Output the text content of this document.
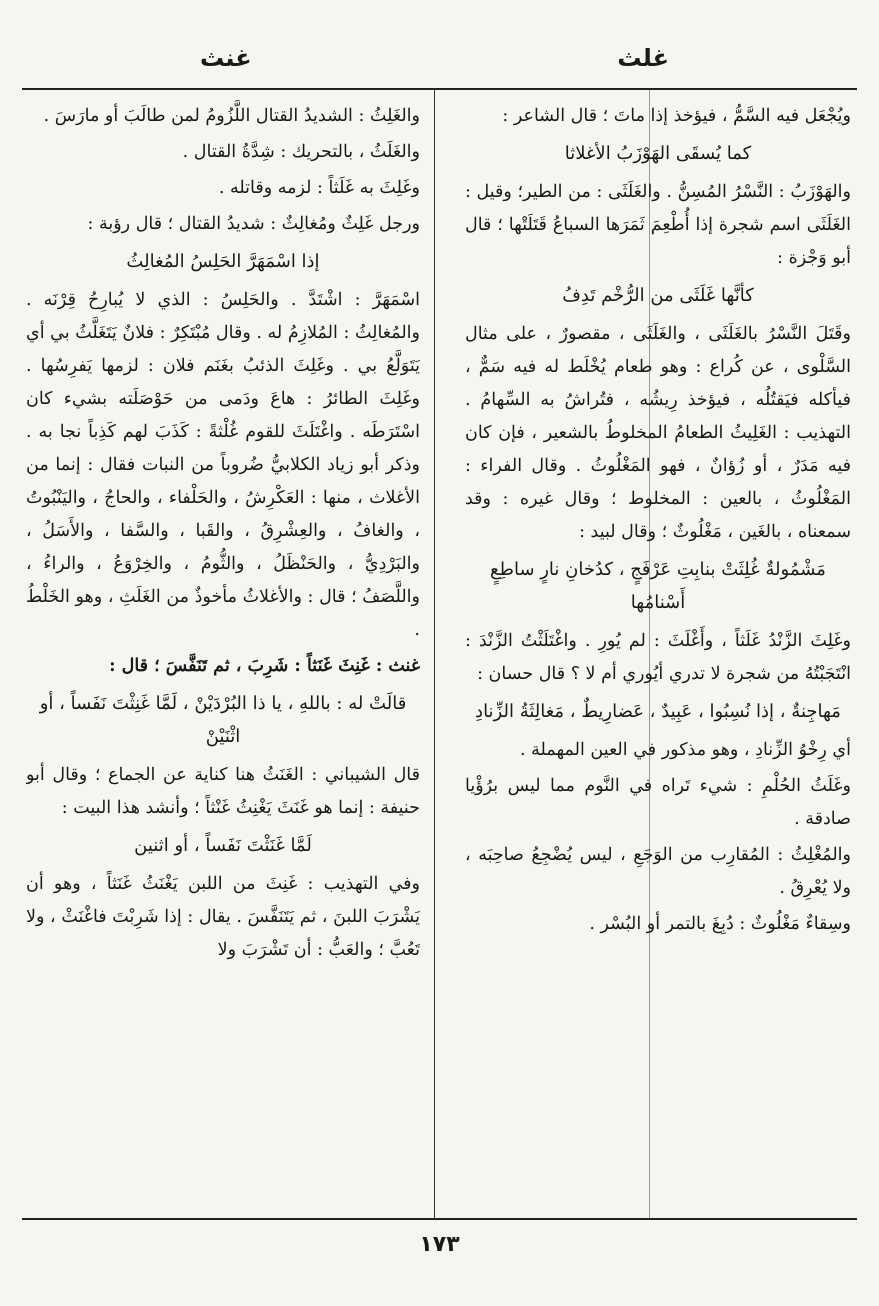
غلث
غنث

ويُجْعَل فيه السَّمُّ ، فيؤخذ إذا ماتَ ؛ قال الشاعر :

كما يُسقَى الهَوْزَبُ الأغلاثا

والهَوْزَبُ : النَّسْرُ المُسِنُّ . والغَلَثَى : من الطير؛ وقيل : الغَلَثَى اسم شجرة إذا أُطْعِمَ ثَمَرَها السباعُ قَتَلَتْها ؛ قال أبو وَجْزة :

كأنَّها غَلَثَى من الرُّخْم تَدِفُ

وقَتَلَ النَّسْرُ بالغَلَثَى ، والغَلَثَى ، مقصورٌ ، على مثال السَّلْوى ، عن كُراع : وهو طعام يُخْلَط له فيه سَمٌّ ، فيأكله فيَقتُلُه ، فيؤخذ رِيشُه ، فتُراشُ به السِّهامُ . التهذيب : الغَلِيثُ الطعامُ المخلوطُ بالشعير ، فإن كان فيه مَدَرٌ ، أو زُؤانٌ ، فهو المَغْلُوثُ . وقال الفراء : المَغْلُوثُ ، بالعين : المخلوط ؛ وقال غيره : وقد سمعناه ، بالغَين ، مَغْلُوثٌ ؛ وقال لبيد :

مَشْمُولةٌ غُلِثَتْ بنابِتِ عَرْفَجٍ ، كدُخانِ نارٍ ساطِعٍ أَسْنامُها

وغَلِثَ الزَّنْدُ غَلَثاً ، وأَغْلَثَ : لم يُورِ . واغْتَلَثْتُ الزَّنْدَ : انْتَجَبْتُهُ من شجرة لا تدري أيُوري أم لا ؟ قال حسان :

مَهاجِنةٌ ، إذا نُسِبُوا ، عَبِيدٌ ، عَضارِيطٌ ، مَغالِثَةُ الزِّنادِ

أي رِخْوُ الزِّنادِ ، وهو مذكور في العين المهملة .

وغَلَثُ الحُلْمِ : شيء تَراه في النَّوم مما ليس برُؤْيا صادقة .

والمُغْلِثُ : المُقارِب من الوَجَعِ ، ليس يُضْجِعُ صاحِبَه ، ولا يُعْرِقُ .

وسِقاءٌ مَغْلُوثٌ : دُبِغَ بالتمر أو البُسْر .

والغَلِثُ : الشديدُ القتال اللَّزُومُ لمن طالَبَ أو مارَسَ .

والغَلَثُ ، بالتحريك : شِدَّةُ القتال .

وغَلِثَ به غَلَثاً : لزمه وقاتله .

ورجل غَلِثٌ ومُغالِثٌ : شديدُ القتال ؛ قال رؤبة :

إذا اسْمَهَرَّ الحَلِسُ المُغالِثُ

اسْمَهَرَّ : اشْتَدَّ . والحَلِسُ : الذي لا يُبارِحُ قِرْنَه . والمُغالِثُ : المُلازِمُ له . وقال مُبْتَكِرٌ : فلانٌ يَتَغَلَّثُ بي أي يَتَوَلَّعُ بي . وغَلِثَ الذئبُ بغَنَم فلان : لزمها يَفرِسُها . وغَلِثَ الطائرُ : هاعَ ودَمى من حَوْصَلَته بشيء كان اسْتَرَطَه . واغْتَلَثَ للقوم غُلْثةً : كَذَبَ لهم كَذِباً نجا به . وذكر أبو زياد الكلابيُّ ضُروباً من النبات فقال : إنما من الأغلاث ، منها : العَكْرِشُ ، والحَلْفاء ، والحاجُ ، واليَنْبُوتُ ، والغافُ ، والعِشْرِقُ ، والقَبا ، والسَّفا ، والأَسَلُ ، والبَرْدِيُّ ، والحَنْظَلُ ، والثُّومُ ، والخِرْوَعُ ، والراءُ ، واللَّصَفُ ؛ قال : والأغلاثُ مأخوذٌ من الغَلَثِ ، وهو الخَلْطُ .

غنث : غَنِثَ غَنَثاً : شَرِبَ ، ثم تَنَفَّسَ ؛ قال :

قالَتْ له : باللهِ ، يا ذا البُرْدَيْنْ ، لَمَّا غَنِثْتَ نَفَساً ، أو اثْنَيْنْ

قال الشيباني : الغَنَثُ هنا كناية عن الجماع ؛ وقال أبو حنيفة : إنما هو غَنَثَ يَغْنِثُ غَنْثاً ؛ وأنشد هذا البيت :

لَمَّا غَنَثْتَ نَفَساً ، أو اثنين

وفي التهذيب : غَنِثَ من اللبن يَغْنَثُ غَنَثاً ، وهو أن يَشْرَبَ اللبنَ ، ثم يَتَنَفَّسَ . يقال : إذا شَرِبْتَ فاغْنَثْ ، ولا تَعُبَّ ؛ والعَبُّ : أن تَشْرَبَ ولا

١٧٣
